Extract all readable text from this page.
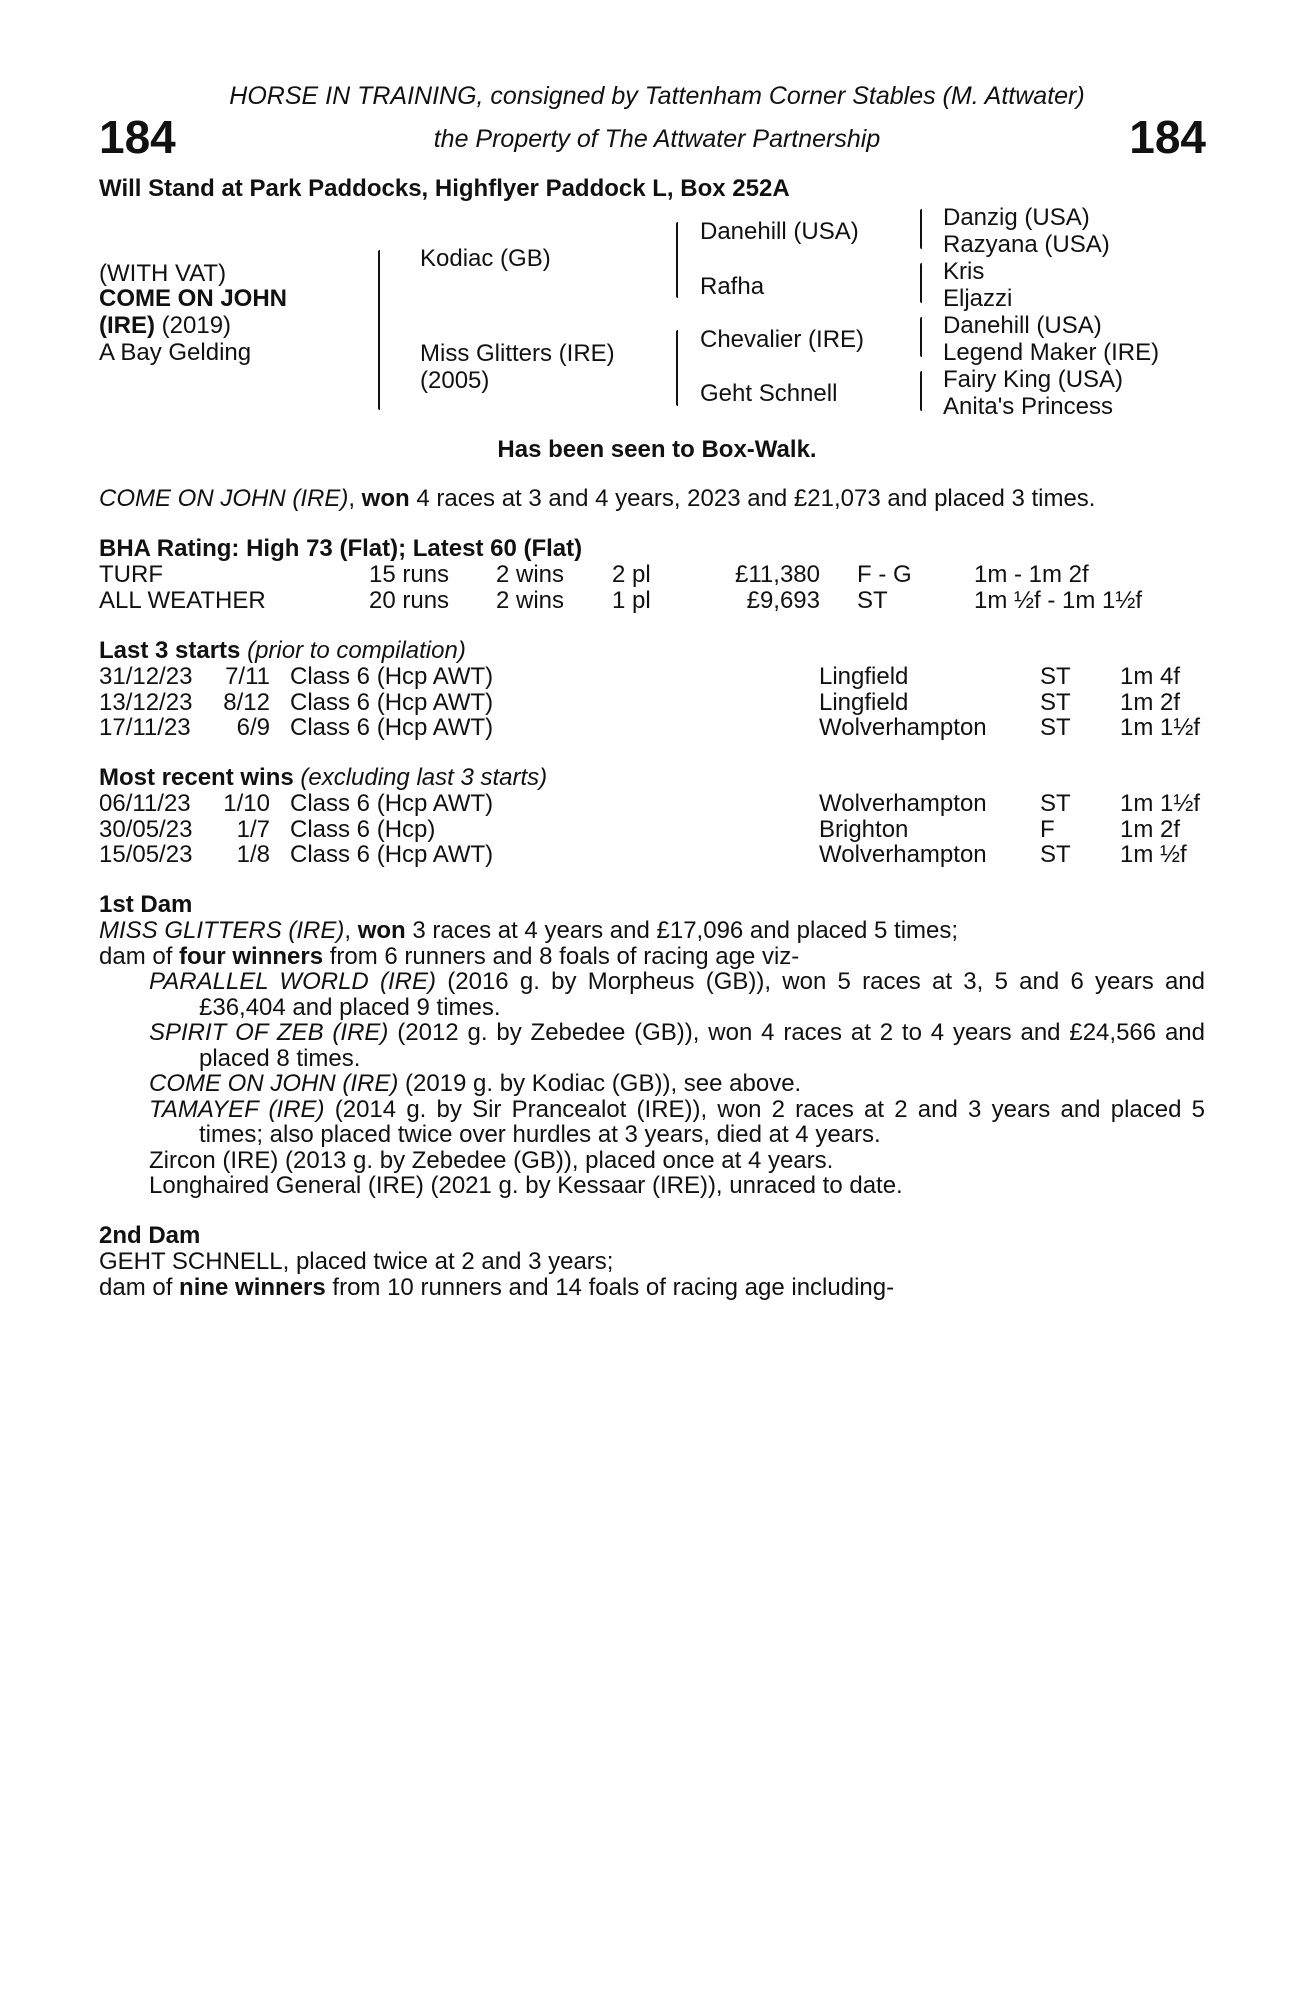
HORSE IN TRAINING, consigned by Tattenham Corner Stables (M. Attwater)
184	the Property of The Attwater Partnership	184
Will Stand at Park Paddocks, Highflyer Paddock L, Box 252A
(WITH VAT)
COME ON JOHN
(IRE) (2019)
A Bay Gelding
Kodiac (GB)
Miss Glitters (IRE)
(2005)
Danehill (USA)
Rafha
Chevalier (IRE)
Geht Schnell
Danzig (USA)
Razyana (USA)
Kris
Eljazzi
Danehill (USA)
Legend Maker (IRE)
Fairy King (USA)
Anita's Princess
Has been seen to Box-Walk.
COME ON JOHN (IRE), won 4 races at 3 and 4 years, 2023 and £21,073 and placed 3 times.
BHA Rating: High 73 (Flat); Latest 60 (Flat)
TURF	15 runs 2 wins 2 pl	£11,380 F - G	1m - 1m 2f
ALL WEATHER	20 runs 2 wins 1 pl	£9,693 ST	1m ½f - 1m 1½f
Last 3 starts (prior to compilation)
31/12/23	7/11 Class 6 (Hcp AWT)	Lingfield	ST 1m 4f
13/12/23	8/12 Class 6 (Hcp AWT)	Lingfield	ST 1m 2f
17/11/23	6/9 Class 6 (Hcp AWT)	Wolverhampton ST 1m 1½f
Most recent wins (excluding last 3 starts)
06/11/23	1/10 Class 6 (Hcp AWT)	Wolverhampton ST 1m 1½f
30/05/23	1/7 Class 6 (Hcp)	Brighton	F	1m 2f
15/05/23	1/8 Class 6 (Hcp AWT)	Wolverhampton ST 1m ½f
1st Dam

MISS GLITTERS (IRE), won 3 races at 4 years and £17,096 and placed 5 times;

dam of four winners from 6 runners and 8 foals of racing age viz-

PARALLEL WORLD (IRE) (2016 g. by Morpheus (GB)), won 5 races at 3, 5 and 6 years and £36,404 and placed 9 times.

SPIRIT OF ZEB (IRE) (2012 g. by Zebedee (GB)), won 4 races at 2 to 4 years and £24,566 and placed 8 times.

COME ON JOHN (IRE) (2019 g. by Kodiac (GB)), see above.

TAMAYEF (IRE) (2014 g. by Sir Prancealot (IRE)), won 2 races at 2 and 3 years and placed 5 times; also placed twice over hurdles at 3 years, died at 4 years.

Zircon (IRE) (2013 g. by Zebedee (GB)), placed once at 4 years.

Longhaired General (IRE) (2021 g. by Kessaar (IRE)), unraced to date.

2nd Dam

GEHT SCHNELL, placed twice at 2 and 3 years;

dam of nine winners from 10 runners and 14 foals of racing age including-
